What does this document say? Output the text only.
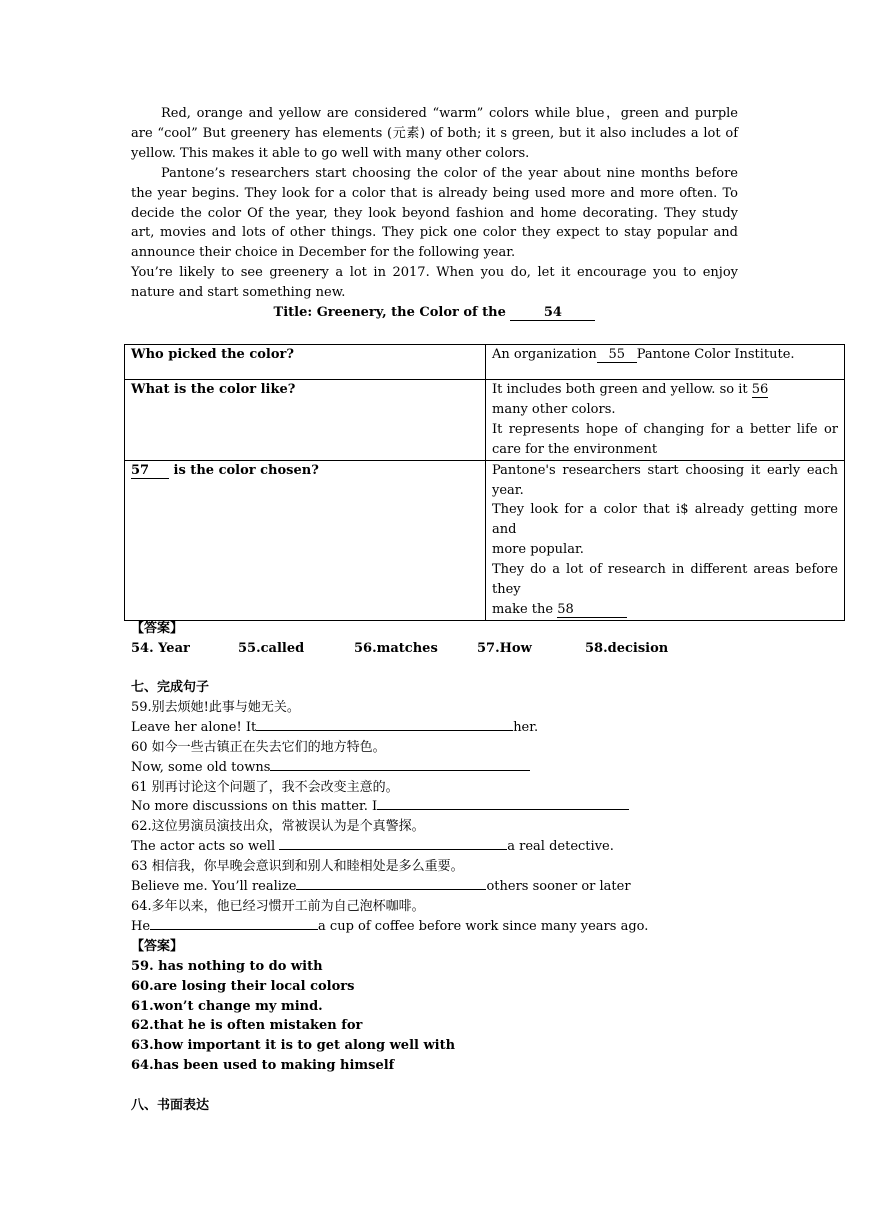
Red, orange and yellow are considered “warm” colors while blue，green and purple are “cool” But greenery has elements (元素) of both; it s green, but it also includes a lot of yellow. This makes it able to go well with many other colors.

Pantone’s researchers start choosing the color of the year about nine months before the year begins. They look for a color that is already being used more and more often. To decide the color Of the year, they look beyond fashion and home decorating. They study art, movies and lots of other things. They pick one color they expect to stay popular and announce their choice in December for the following year.

You’re likely to see greenery a lot in 2017. When you do, let it encourage you to enjoy nature and start something new.

Title: Greenery, the Color of the	54

Who picked the color?	An organization 55 Pantone Color Institute.
What is the color like?	It includes both green and yellow. so it 56
many other colors.
It represents hope of changing for a better life or care for the environment

57 is the color chosen?	Pantone's researchers start choosing it early each year.
They look for a color that i$ already getting more and
more popular.
They do a lot of research in different areas before they
make the 58
【答案】
54. Year	55.called	56.matches	57.How	58.decision
七、完成句子
59.别去烦她!此事与她无关。
Leave her alone! It	her.
60 如今一些古镇正在失去它们的地方特色。
Now, some old towns
61 别再讨论这个问题了，我不会改变主意的。
No more discussions on this matter. I
62.这位男演员演技出众，常被误认为是个真警探。
The actor acts so well	a real detective.
63 相信我，你早晚会意识到和别人和睦相处是多么重要。
Believe me. You’ll realize	others sooner or later
64.多年以来，他已经习惯开工前为自己泡杯咖啡。
He	a cup of coffee before work since many years ago.
【答案】
59. has nothing to do with
60.are losing their local colors
61.won’t change my mind.
62.that he is often mistaken for
63.how important it is to get along well with
64.has been used to making himself
八、书面表达
